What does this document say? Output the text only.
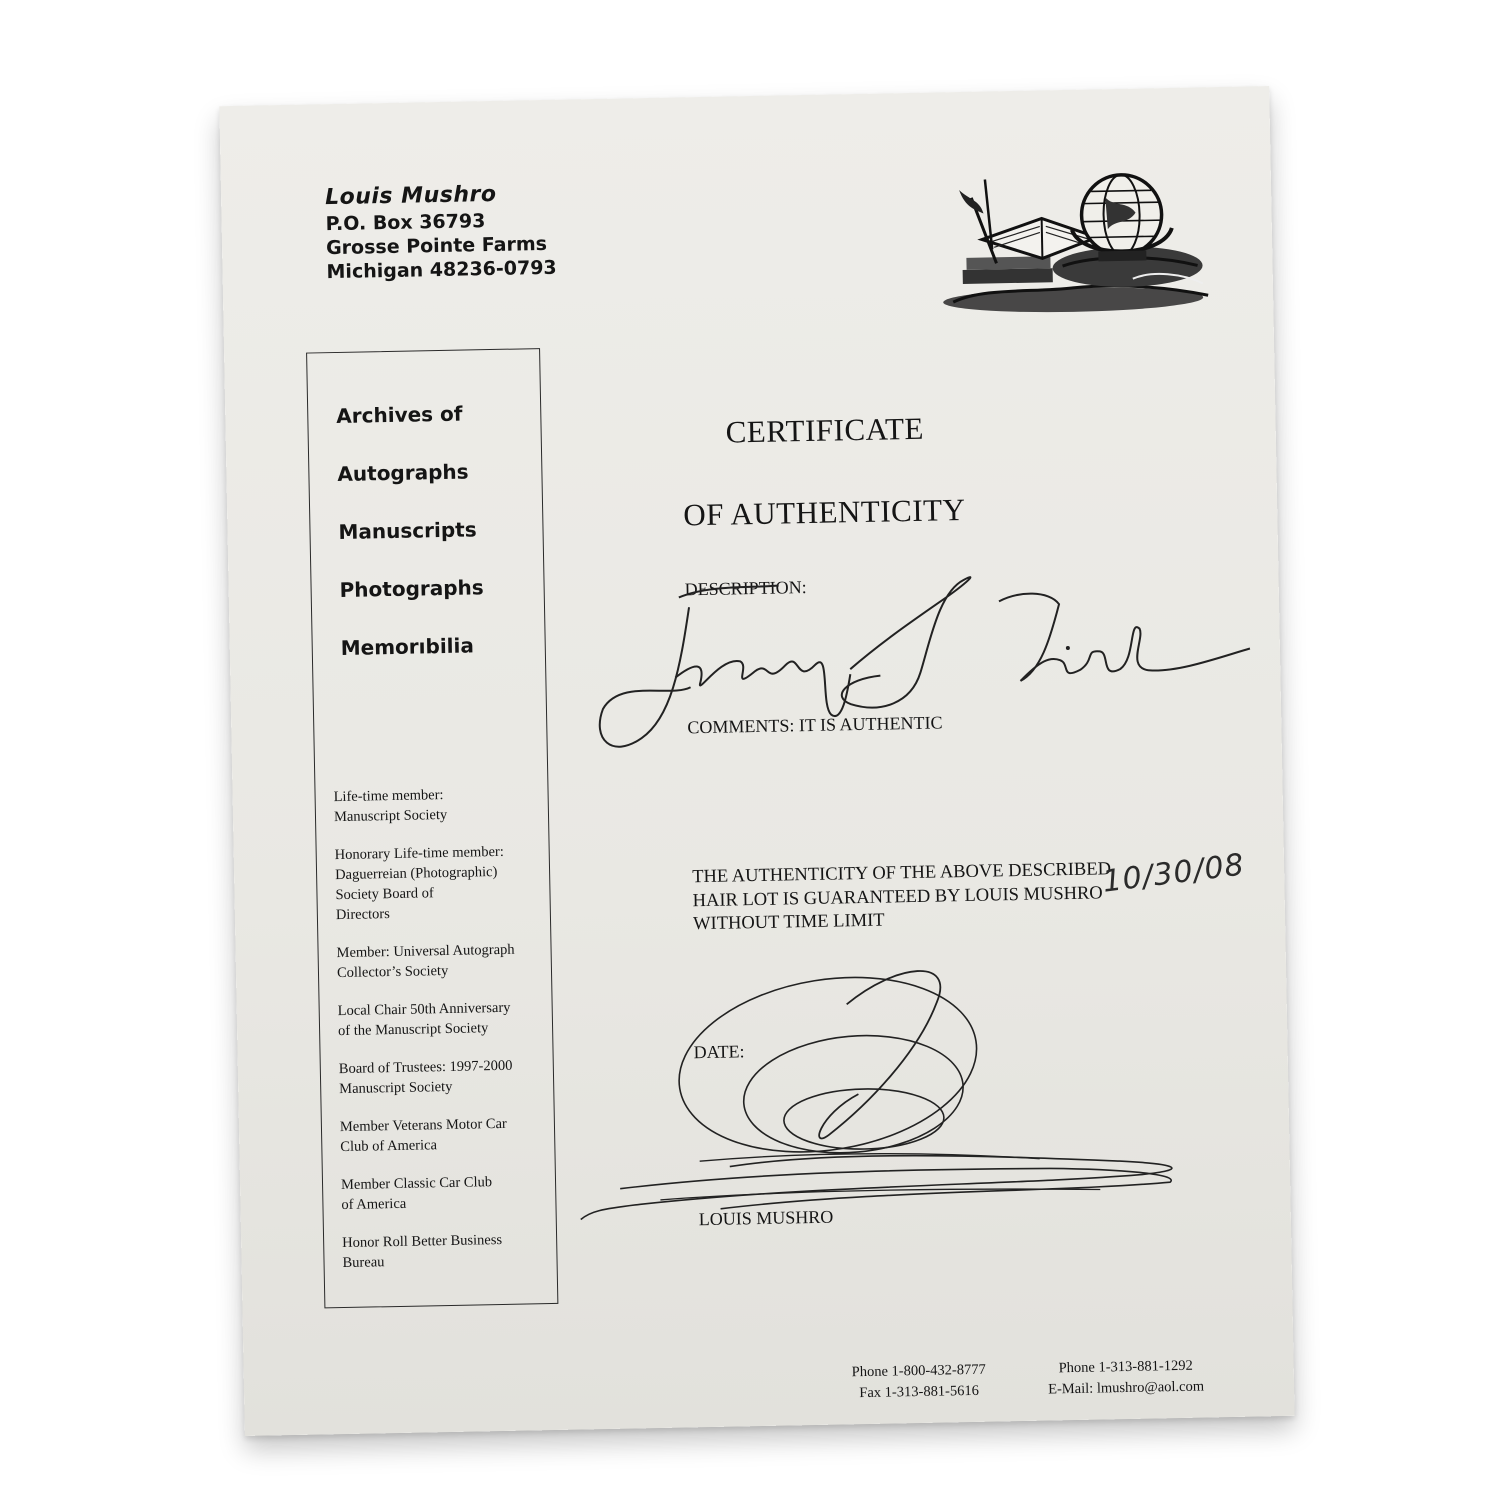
Louis Mushro
P.O. Box 36793
Grosse Pointe Farms
Michigan 48236-0793
Archives of
Autographs
Manuscripts
Photographs
Memorıbilia
Life-time member:
Manuscript Society
Honorary Life-time member:
Daguerreian (Photographic)
Society Board of
Directors
Member: Universal Autograph
Collector’s Society
Local Chair 50th Anniversary
of the Manuscript Society
Board of Trustees: 1997-2000
Manuscript Society
Member Veterans Motor Car
Club of America
Member Classic Car Club
of America
Honor Roll Better Business
Bureau
CERTIFICATE
OF AUTHENTICITY
DESCRIPTION:
COMMENTS: IT IS AUTHENTIC
THE AUTHENTICITY OF THE ABOVE DESCRIBED HAIR LOT IS GUARANTEED BY LOUIS MUSHRO WITHOUT TIME LIMIT
10/30/08
DATE:
LOUIS MUSHRO
Phone 1-800-432-8777
Fax 1-313-881-5616
Phone 1-313-881-1292
E-Mail: lmushro@aol.com
